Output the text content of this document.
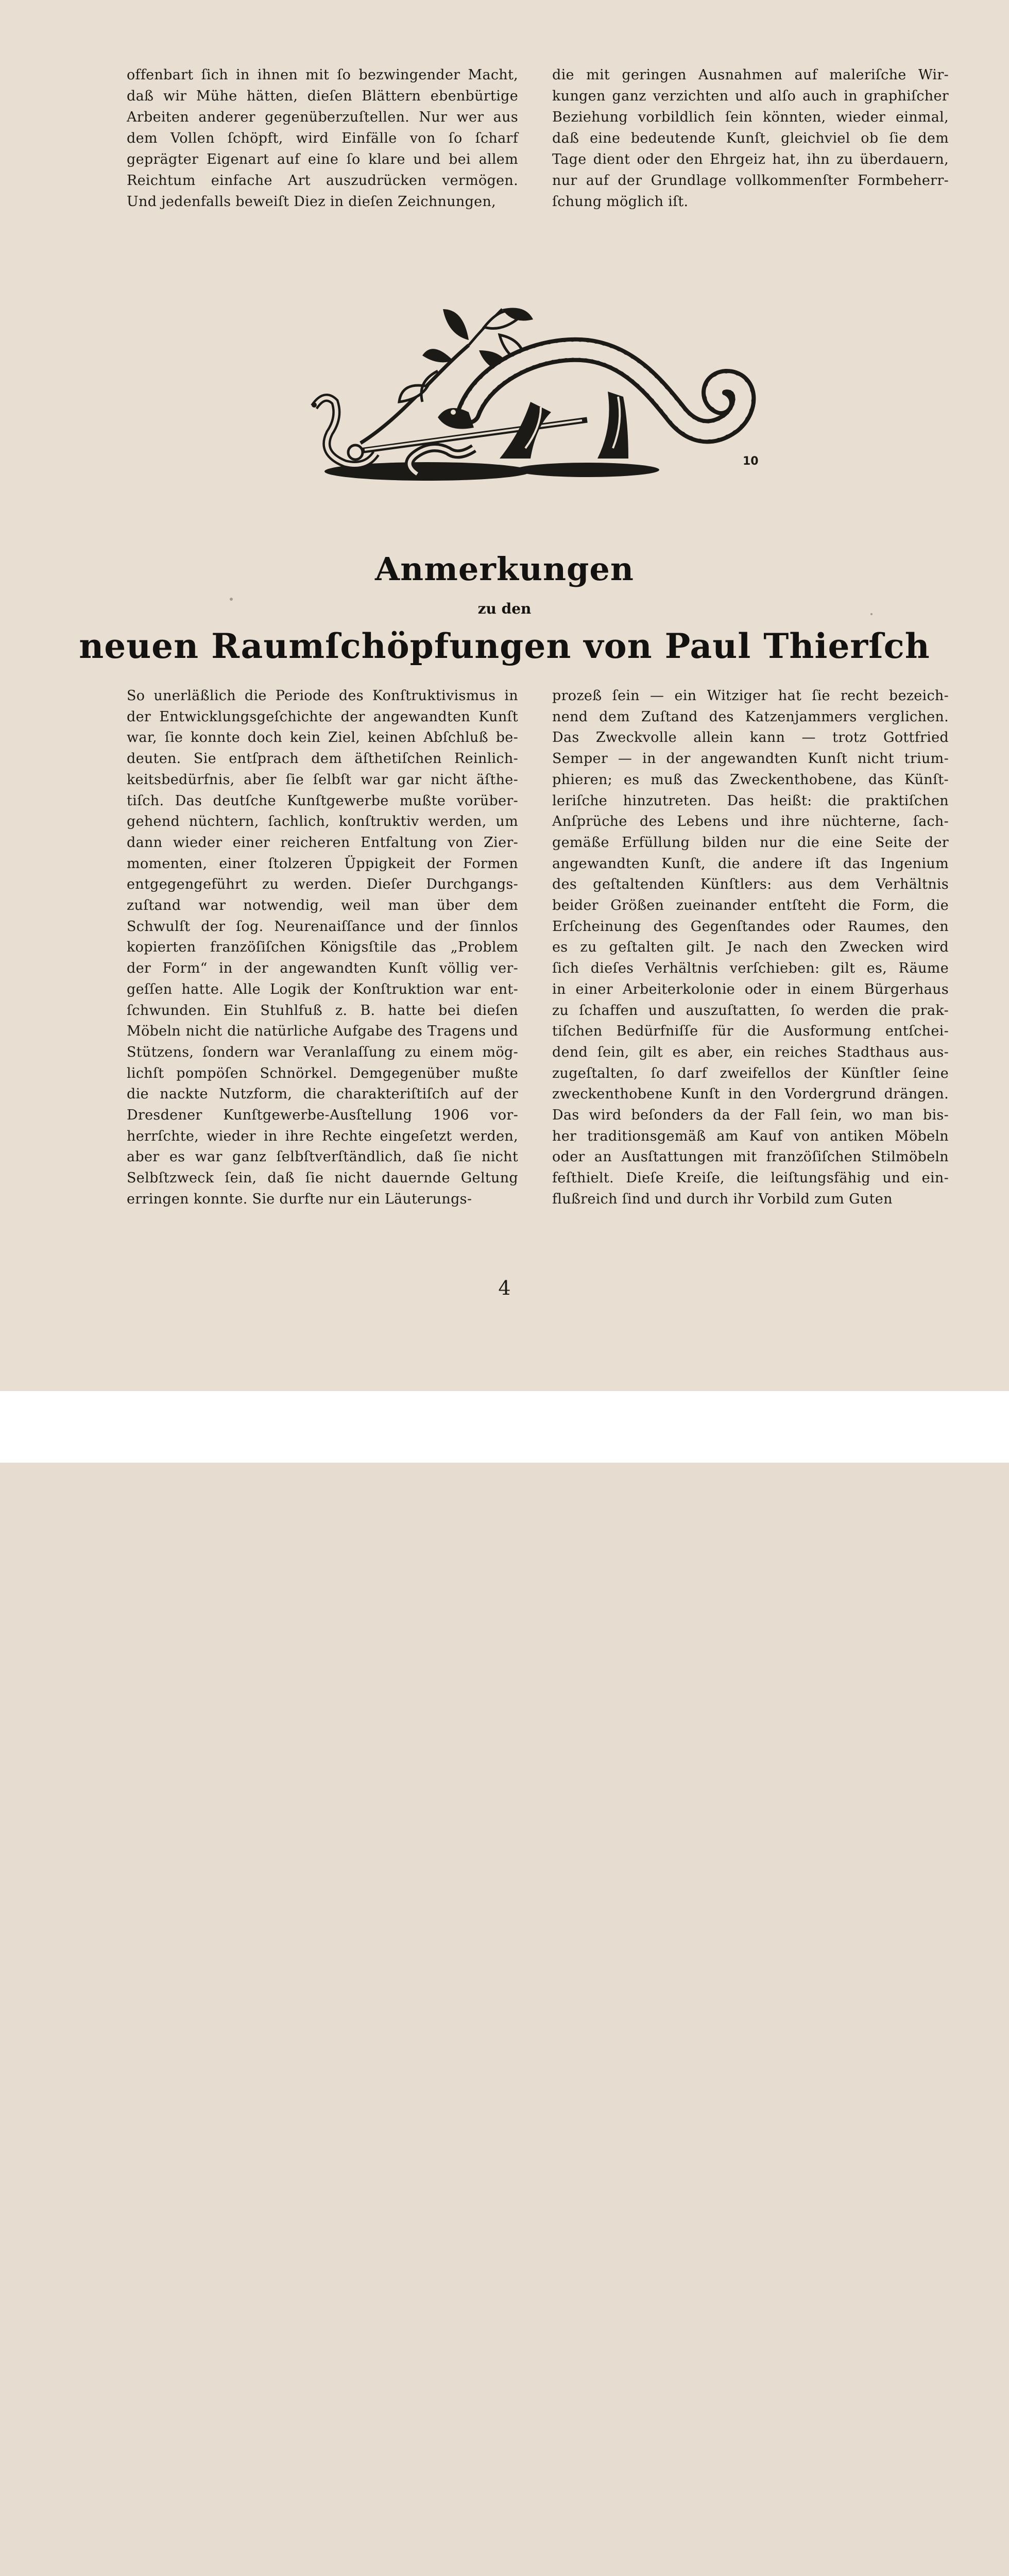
offenbart ſich in ihnen mit ſo bezwingender Macht,
daß wir Mühe hätten, dieſen Blättern ebenbürtige
Arbeiten anderer gegenüberzuſtellen. Nur wer aus
dem Vollen ſchöpft, wird Einfälle von ſo ſcharf
geprägter Eigenart auf eine ſo klare und bei allem
Reichtum einfache Art auszudrücken vermögen.
Und jedenfalls beweiſt Diez in dieſen Zeichnungen,
die mit geringen Ausnahmen auf maleriſche Wir-
kungen ganz verzichten und alſo auch in graphiſcher
Beziehung vorbildlich ſein könnten, wieder einmal,
daß eine bedeutende Kunſt, gleichviel ob ſie dem
Tage dient oder den Ehrgeiz hat, ihn zu überdauern,
nur auf der Grundlage vollkommenſter Formbeherr-
ſchung möglich iſt.
10
Anmerkungen
zu den
neuen Raumſchöpfungen von Paul Thierſch
So unerläßlich die Periode des Konſtruktivismus in
der Entwicklungsgeſchichte der angewandten Kunſt
war, ſie konnte doch kein Ziel, keinen Abſchluß be-
deuten. Sie entſprach dem äſthetiſchen Reinlich-
keitsbedürfnis, aber ſie ſelbſt war gar nicht äſthe-
tiſch. Das deutſche Kunſtgewerbe mußte vorüber-
gehend nüchtern, ſachlich, konſtruktiv werden, um
dann wieder einer reicheren Entfaltung von Zier-
momenten, einer ſtolzeren Üppigkeit der Formen
entgegengeführt zu werden. Dieſer Durchgangs-
zuſtand war notwendig, weil man über dem
Schwulſt der ſog. Neurenaiſſance und der ſinnlos
kopierten franzöſiſchen Königsſtile das „Problem
der Form“ in der angewandten Kunſt völlig ver-
geſſen hatte. Alle Logik der Konſtruktion war ent-
ſchwunden. Ein Stuhlfuß z. B. hatte bei dieſen
Möbeln nicht die natürliche Aufgabe des Tragens und
Stützens, ſondern war Veranlaſſung zu einem mög-
lichſt pompöſen Schnörkel. Demgegenüber mußte
die nackte Nutzform, die charakteriſtiſch auf der
Dresdener Kunſtgewerbe-Ausſtellung 1906 vor-
herrſchte, wieder in ihre Rechte eingeſetzt werden,
aber es war ganz ſelbſtverſtändlich, daß ſie nicht
Selbſtzweck ſein, daß ſie nicht dauernde Geltung
erringen konnte. Sie durfte nur ein Läuterungs-
prozeß ſein — ein Witziger hat ſie recht bezeich-
nend dem Zuſtand des Katzenjammers verglichen.
Das Zweckvolle allein kann — trotz Gottfried
Semper — in der angewandten Kunſt nicht trium-
phieren; es muß das Zweckenthobene, das Künſt-
leriſche hinzutreten. Das heißt: die praktiſchen
Anſprüche des Lebens und ihre nüchterne, ſach-
gemäße Erfüllung bilden nur die eine Seite der
angewandten Kunſt, die andere iſt das Ingenium
des geſtaltenden Künſtlers: aus dem Verhältnis
beider Größen zueinander entſteht die Form, die
Erſcheinung des Gegenſtandes oder Raumes, den
es zu geſtalten gilt. Je nach den Zwecken wird
ſich dieſes Verhältnis verſchieben: gilt es, Räume
in einer Arbeiterkolonie oder in einem Bürgerhaus
zu ſchaffen und auszuſtatten, ſo werden die prak-
tiſchen Bedürfniſſe für die Ausformung entſchei-
dend ſein, gilt es aber, ein reiches Stadthaus aus-
zugeſtalten, ſo darf zweifellos der Künſtler ſeine
zweckenthobene Kunſt in den Vordergrund drängen.
Das wird beſonders da der Fall ſein, wo man bis-
her traditionsgemäß am Kauf von antiken Möbeln
oder an Ausſtattungen mit franzöſiſchen Stilmöbeln
feſthielt. Dieſe Kreiſe, die leiſtungsfähig und ein-
flußreich ſind und durch ihr Vorbild zum Guten
4
